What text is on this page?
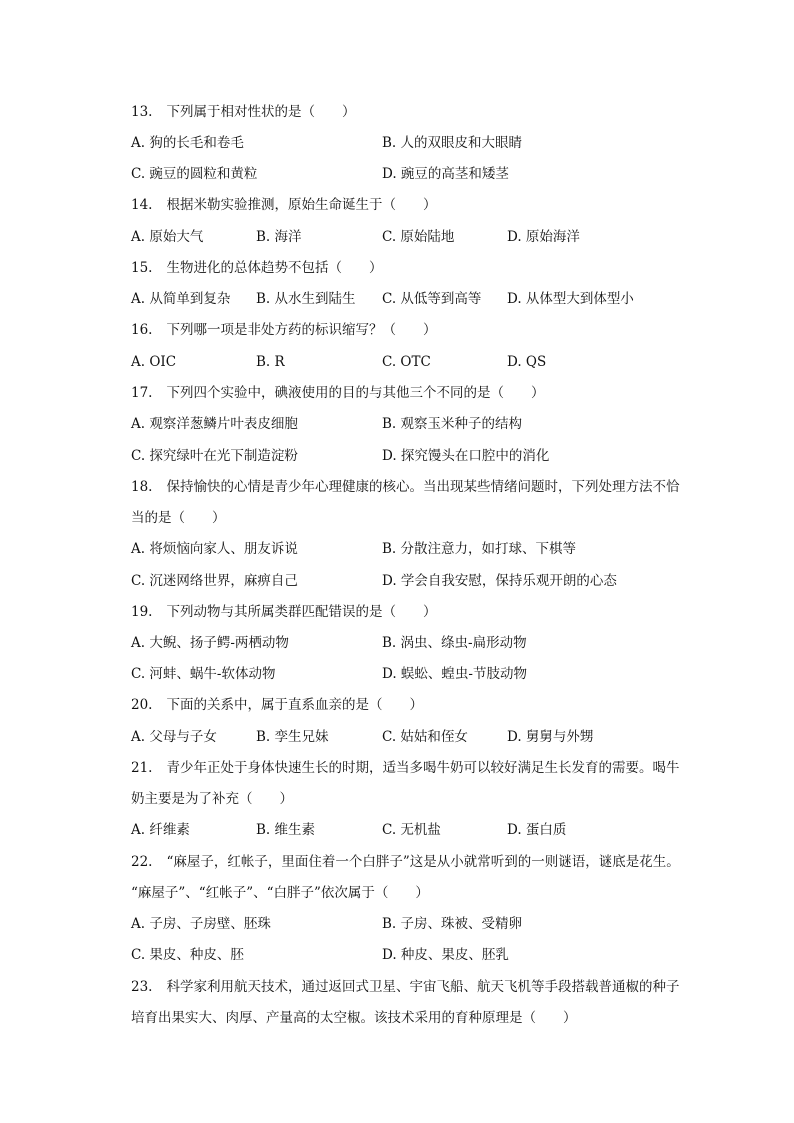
13. 下列属于相对性状的是（　　）
A. 狗的长毛和卷毛	B. 人的双眼皮和大眼睛
C. 豌豆的圆粒和黄粒	D. 豌豆的高茎和矮茎
14. 根据米勒实验推测，原始生命诞生于（　　）
A. 原始大气	B. 海洋	C. 原始陆地	D. 原始海洋
15. 生物进化的总体趋势不包括（　　）
A. 从简单到复杂 B. 从水生到陆生 C. 从低等到高等 D. 从体型大到体型小
16. 下列哪一项是非处方药的标识缩写？（　　）
A. OIC	B. R	C. OTC	D. QS
17. 下列四个实验中，碘液使用的目的与其他三个不同的是（　　）
A. 观察洋葱鳞片叶表皮细胞	B. 观察玉米种子的结构
C. 探究绿叶在光下制造淀粉	D. 探究馒头在口腔中的消化
18. 保持愉快的心情是青少年心理健康的核心。当出现某些情绪问题时，下列处理方法不恰
当的是（　　）
A. 将烦恼向家人、朋友诉说	B. 分散注意力，如打球、下棋等
C. 沉迷网络世界，麻痹自己	D. 学会自我安慰，保持乐观开朗的心态
19. 下列动物与其所属类群匹配错误的是（　　）
A. 大鲵、扬子鳄-两栖动物	B. 涡虫、绦虫-扁形动物
C. 河蚌、蜗牛-软体动物	D. 蜈蚣、蝗虫-节肢动物
20. 下面的关系中，属于直系血亲的是（　　）
A. 父母与子女	B. 孪生兄妹	C. 姑姑和侄女	D. 舅舅与外甥
21. 青少年正处于身体快速生长的时期，适当多喝牛奶可以较好满足生长发育的需要。喝牛
奶主要是为了补充（　　）
A. 纤维素	B. 维生素	C. 无机盐	D. 蛋白质
22. “麻屋子，红帐子，里面住着一个白胖子”这是从小就常听到的一则谜语，谜底是花生。
“麻屋子”、“红帐子”、“白胖子”依次属于（　　）
A. 子房、子房壁、胚珠	B. 子房、珠被、受精卵
C. 果皮、种皮、胚	D. 种皮、果皮、胚乳
23. 科学家利用航天技术，通过返回式卫星、宇宙飞船、航天飞机等手段搭载普通椒的种子
培育出果实大、肉厚、产量高的太空椒。该技术采用的育种原理是（　　）
